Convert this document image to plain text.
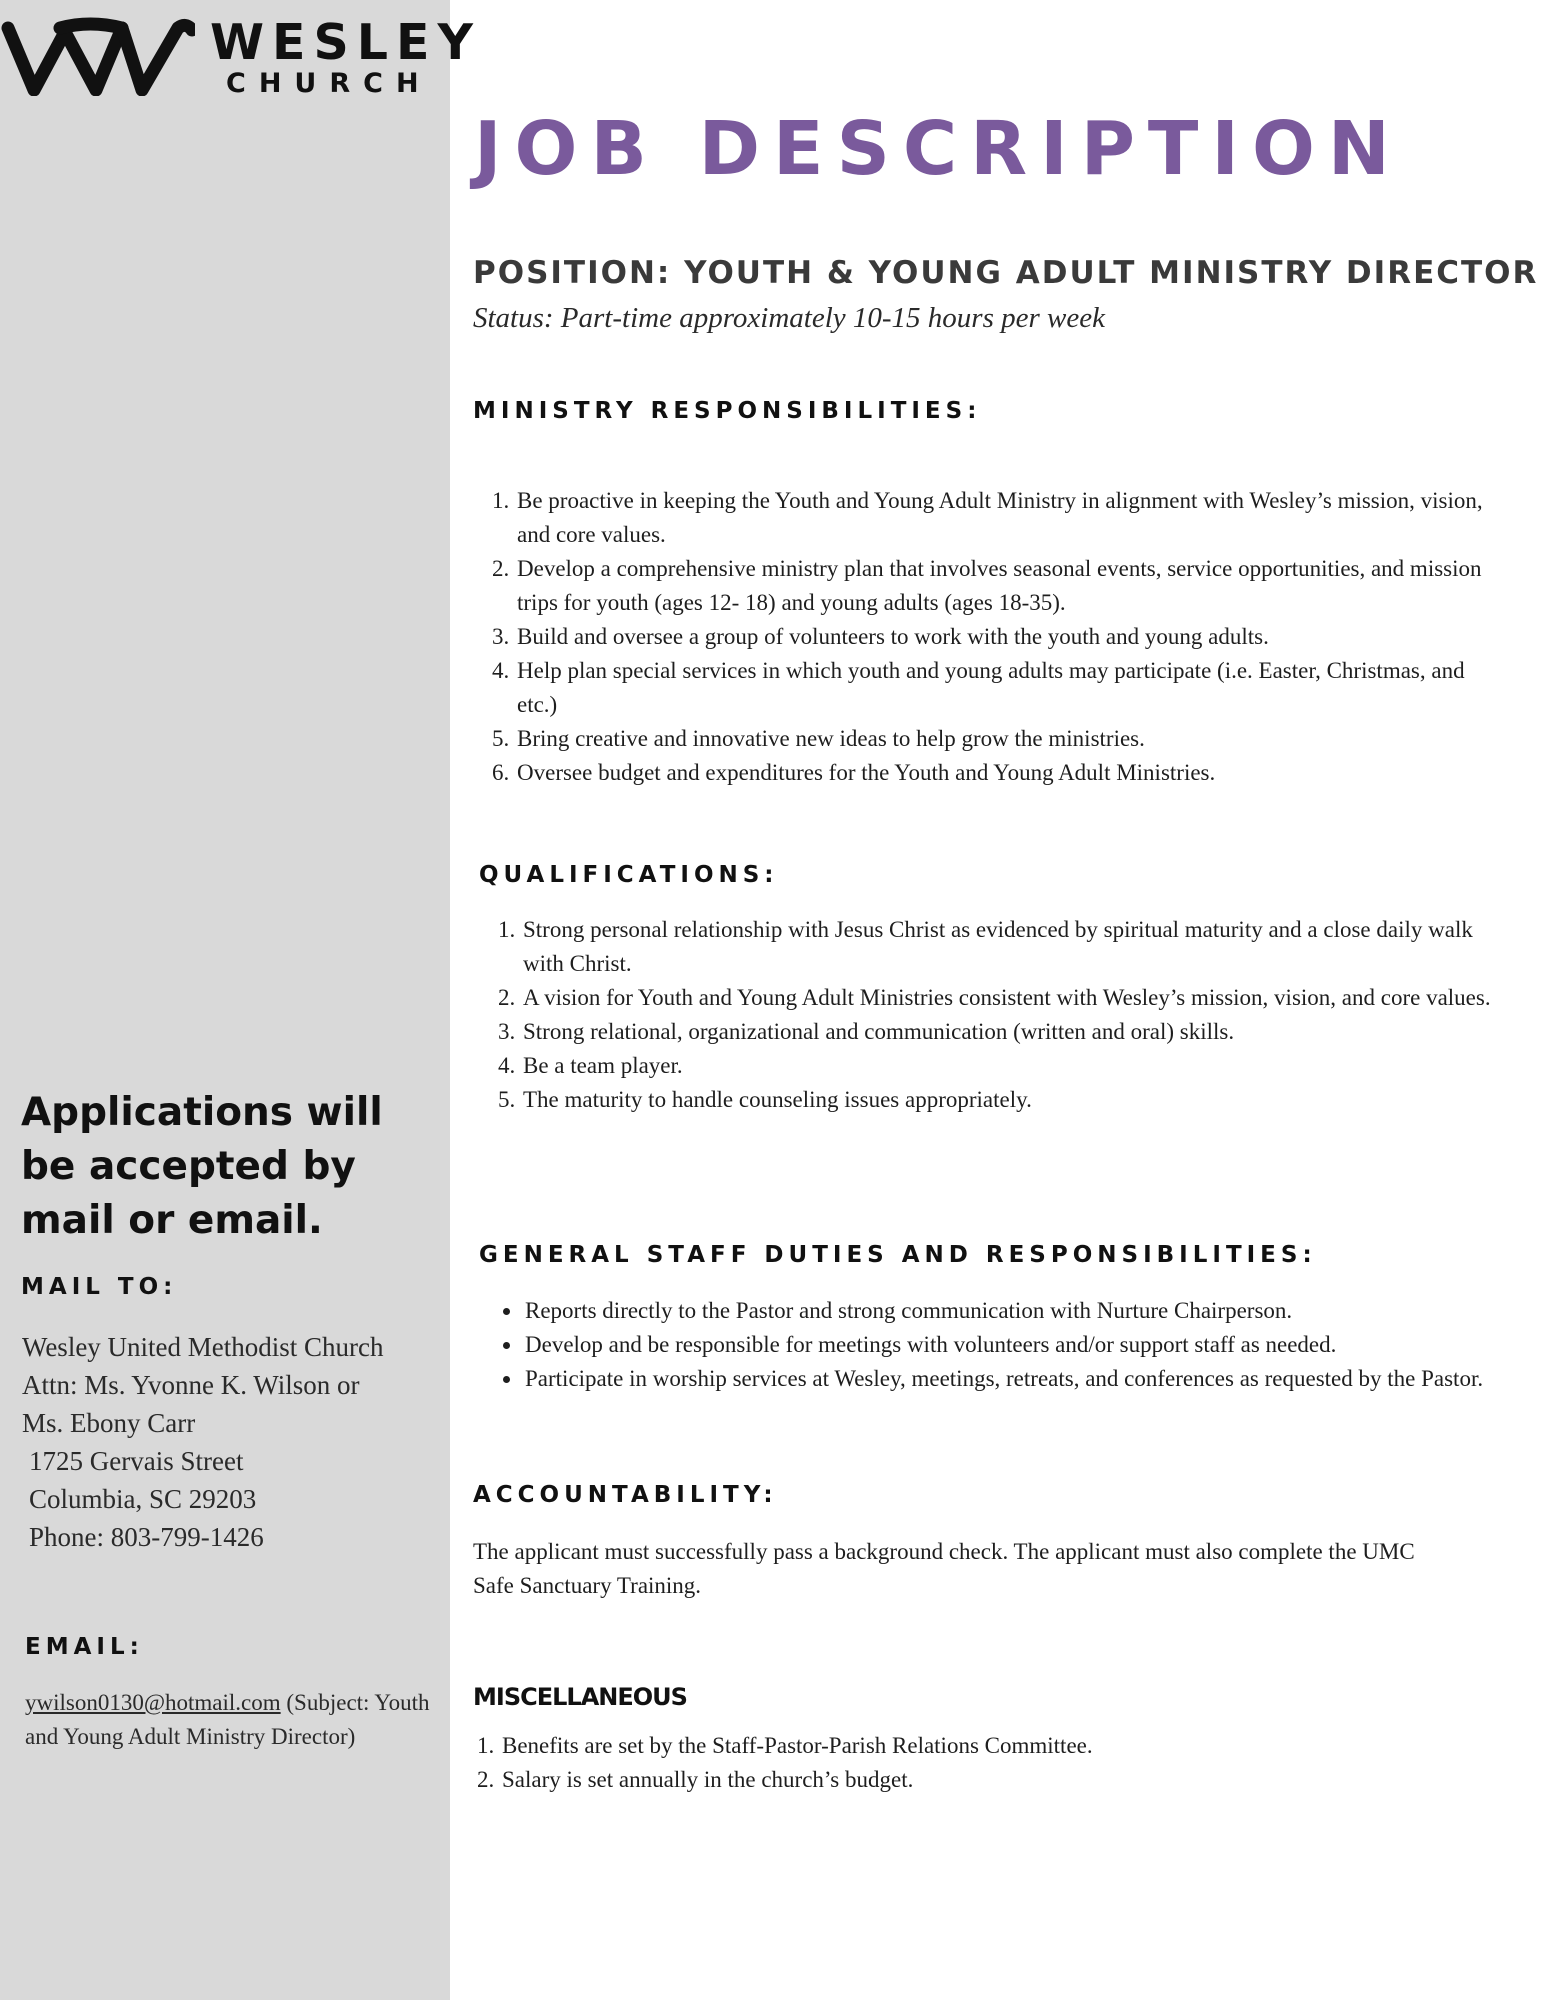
WESLEY
CHURCH

Applications will be accepted by mail or email.

MAIL TO:
Wesley United Methodist Church
Attn: Ms. Yvonne K. Wilson or
Ms. Ebony Carr
1725 Gervais Street
Columbia, SC 29203
Phone: 803-799-1426
EMAIL:
ywilson0130@hotmail.com (Subject: Youth and Young Adult Ministry Director)
JOB DESCRIPTION
POSITION: YOUTH & YOUNG ADULT MINISTRY DIRECTOR
Status: Part-time approximately 10-15 hours per week
MINISTRY RESPONSIBILITIES:
1. Be proactive in keeping the Youth and Young Adult Ministry in alignment with Wesley’s mission, vision, and core values.
2. Develop a comprehensive ministry plan that involves seasonal events, service opportunities, and mission trips for youth (ages 12- 18) and young adults (ages 18-35).
3. Build and oversee a group of volunteers to work with the youth and young adults.
4. Help plan special services in which youth and young adults may participate (i.e. Easter, Christmas, and etc.)
5. Bring creative and innovative new ideas to help grow the ministries.
6. Oversee budget and expenditures for the Youth and Young Adult Ministries.
QUALIFICATIONS:
1. Strong personal relationship with Jesus Christ as evidenced by spiritual maturity and a close daily walk with Christ.
2. A vision for Youth and Young Adult Ministries consistent with Wesley’s mission, vision, and core values.
3. Strong relational, organizational and communication (written and oral) skills.
4. Be a team player.
5. The maturity to handle counseling issues appropriately.
GENERAL STAFF DUTIES AND RESPONSIBILITIES:
• Reports directly to the Pastor and strong communication with Nurture Chairperson.
• Develop and be responsible for meetings with volunteers and/or support staff as needed.
• Participate in worship services at Wesley, meetings, retreats, and conferences as requested by the Pastor.
ACCOUNTABILITY:

The applicant must successfully pass a background check. The applicant must also complete the UMC Safe Sanctuary Training.

MISCELLANEOUS
1. Benefits are set by the Staff-Pastor-Parish Relations Committee.
2. Salary is set annually in the church’s budget.
